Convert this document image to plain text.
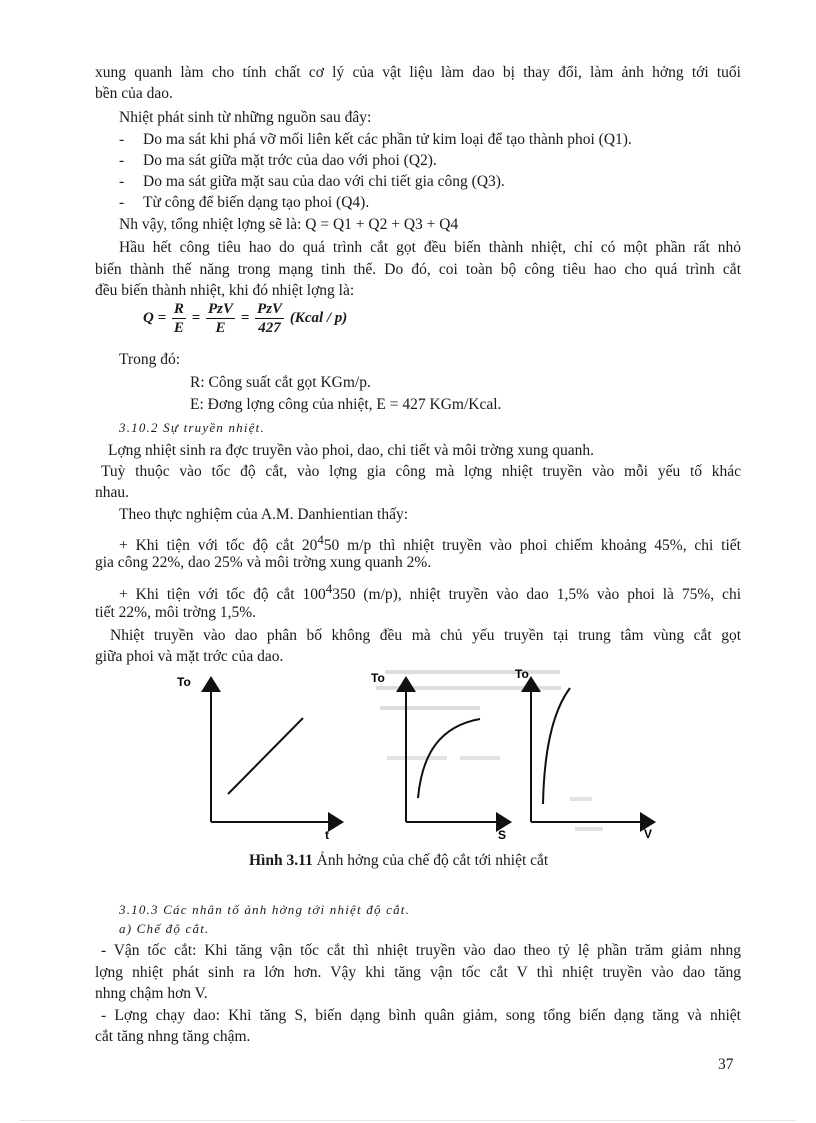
xung quanh làm cho tính chất cơ lý của vật liệu làm dao bị thay đổi, làm ảnh hởng tới tuổi
bền của dao.
Nhiệt phát sinh từ những nguồn sau đây:
- Do ma sát khi phá vỡ mối liên kết các phần tử kim loại để tạo thành phoi (Q1).
- Do ma sát giữa mặt trớc của dao với phoi (Q2).
- Do ma sát giữa mặt sau của dao với chi tiết gia công (Q3).
- Từ công để biến dạng tạo phoi (Q4).
Nh vậy, tổng nhiệt lợng sẽ là: Q = Q1 + Q2 + Q3 + Q4
Hầu hết công tiêu hao do quá trình cắt gọt đều biến thành nhiệt, chỉ có một phần rất nhỏ
biến thành thế năng trong mạng tinh thể. Do đó, coi toàn bộ công tiêu hao cho quá trình cắt
đều biến thành nhiệt, khi đó nhiệt lợng là:
$Q = \frac{R}{E} = \frac{\text{PzV}}{E} = \frac{\text{PzV}}{427}$ (Kcal / p)
Trong đó:
R: Công suất cắt gọt KGm/p.
E: Đơng lợng công của nhiệt, E = 427 KGm/Kcal.
3.10.2 Sự truyền nhiệt.
Lợng nhiệt sinh ra đợc truyền vào phoi, dao, chi tiết và môi trờng xung quanh.
Tuỳ thuộc vào tốc độ cắt, vào lợng gia công mà lợng nhiệt truyền vào mỗi yếu tố khác
nhau.
Theo thực nghiệm của A.M. Danhientian thấy:
+ Khi tiện với tốc độ cắt $20^450$ m/p thì nhiệt truyền vào phoi chiếm khoảng 45%, chi tiết
gia công 22%, dao 25% và môi trờng xung quanh 2%.
+ Khi tiện với tốc độ cắt $100^4350$ (m/p), nhiệt truyền vào dao 1,5% vào phoi là 75%, chi
tiết 22%, môi trờng 1,5%.
Nhiệt truyền vào dao phân bố không đều mà chủ yếu truyền tại trung tâm vùng cắt gọt
giữa phoi và mặt trớc của dao.
To
t
To
S
To
V
Hình 3.11 Ảnh hởng của chế độ cắt tới nhiệt cắt
3.10.3 Các nhân tố ảnh hởng tới nhiệt độ cắt.
a) Chế độ cắt.
- Vận tốc cắt: Khi tăng vận tốc cắt thì nhiệt truyền vào dao theo tỷ lệ phần trăm giảm nhng
lợng nhiệt phát sinh ra lớn hơn. Vậy khi tăng vận tốc cắt V thì nhiệt truyền vào dao tăng
nhng chậm hơn V.
- Lợng chạy dao: Khi tăng S, biến dạng bình quân giảm, song tổng biến dạng tăng và nhiệt
cắt tăng nhng tăng chậm.
37
